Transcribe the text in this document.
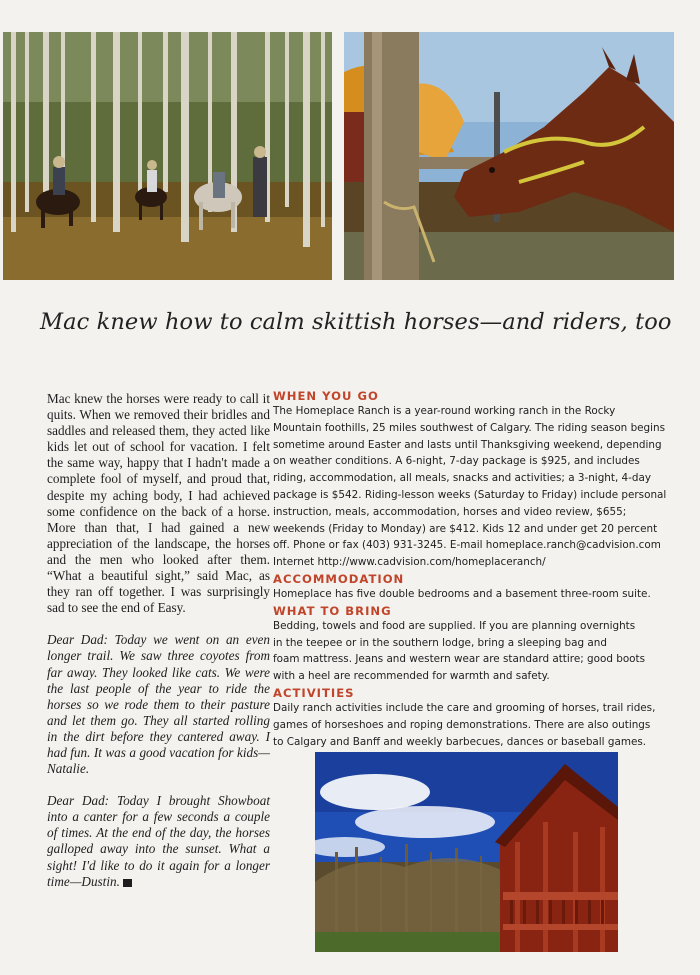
Mac knew how to calm skittish horses—and riders, too

Mac knew the horses were ready to call it quits. When we removed their bridles and saddles and released them, they acted like kids let out of school for vacation. I felt the same way, happy that I hadn't made a complete fool of myself, and proud that, despite my aching body, I had achieved some confidence on the back of a horse. More than that, I had gained a new appreciation of the landscape, the horses and the men who looked after them. “What a beautiful sight,” said Mac, as they ran off together. I was surprisingly sad to see the end of Easy.

Dear Dad: Today we went on an even longer trail. We saw three coyotes from far away. They looked like cats. We were the last people of the year to ride the horses so we rode them to their pasture and let them go. They all started rolling in the dirt before they cantered away. I had fun. It was a good vacation for kids—Natalie.

Dear Dad: Today I brought Showboat into a canter for a few seconds a couple of times. At the end of the day, the horses galloped away into the sunset. What a sight! I'd like to do it again for a longer time—Dustin.

WHEN YOU GO

The Homeplace Ranch is a year-round working ranch in the Rocky

Mountain foothills, 25 miles southwest of Calgary. The riding season begins

sometime around Easter and lasts until Thanksgiving weekend, depending

on weather conditions. A 6-night, 7-day package is $925, and includes

riding, accommodation, all meals, snacks and activities; a 3-night, 4-day

package is $542. Riding-lesson weeks (Saturday to Friday) include personal

instruction, meals, accommodation, horses and video review, $655;

weekends (Friday to Monday) are $412. Kids 12 and under get 20 percent

off. Phone or fax (403) 931-3245. E-mail homeplace.ranch@cadvision.com

Internet http://www.cadvision.com/homeplaceranch/

ACCOMMODATION

Homeplace has five double bedrooms and a basement three-room suite.

WHAT TO BRING

Bedding, towels and food are supplied. If you are planning overnights

in the teepee or in the southern lodge, bring a sleeping bag and

foam mattress. Jeans and western wear are standard attire; good boots

with a heel are recommended for warmth and safety.

ACTIVITIES

Daily ranch activities include the care and grooming of horses, trail rides,

games of horseshoes and roping demonstrations. There are also outings

to Calgary and Banff and weekly barbecues, dances or baseball games.
